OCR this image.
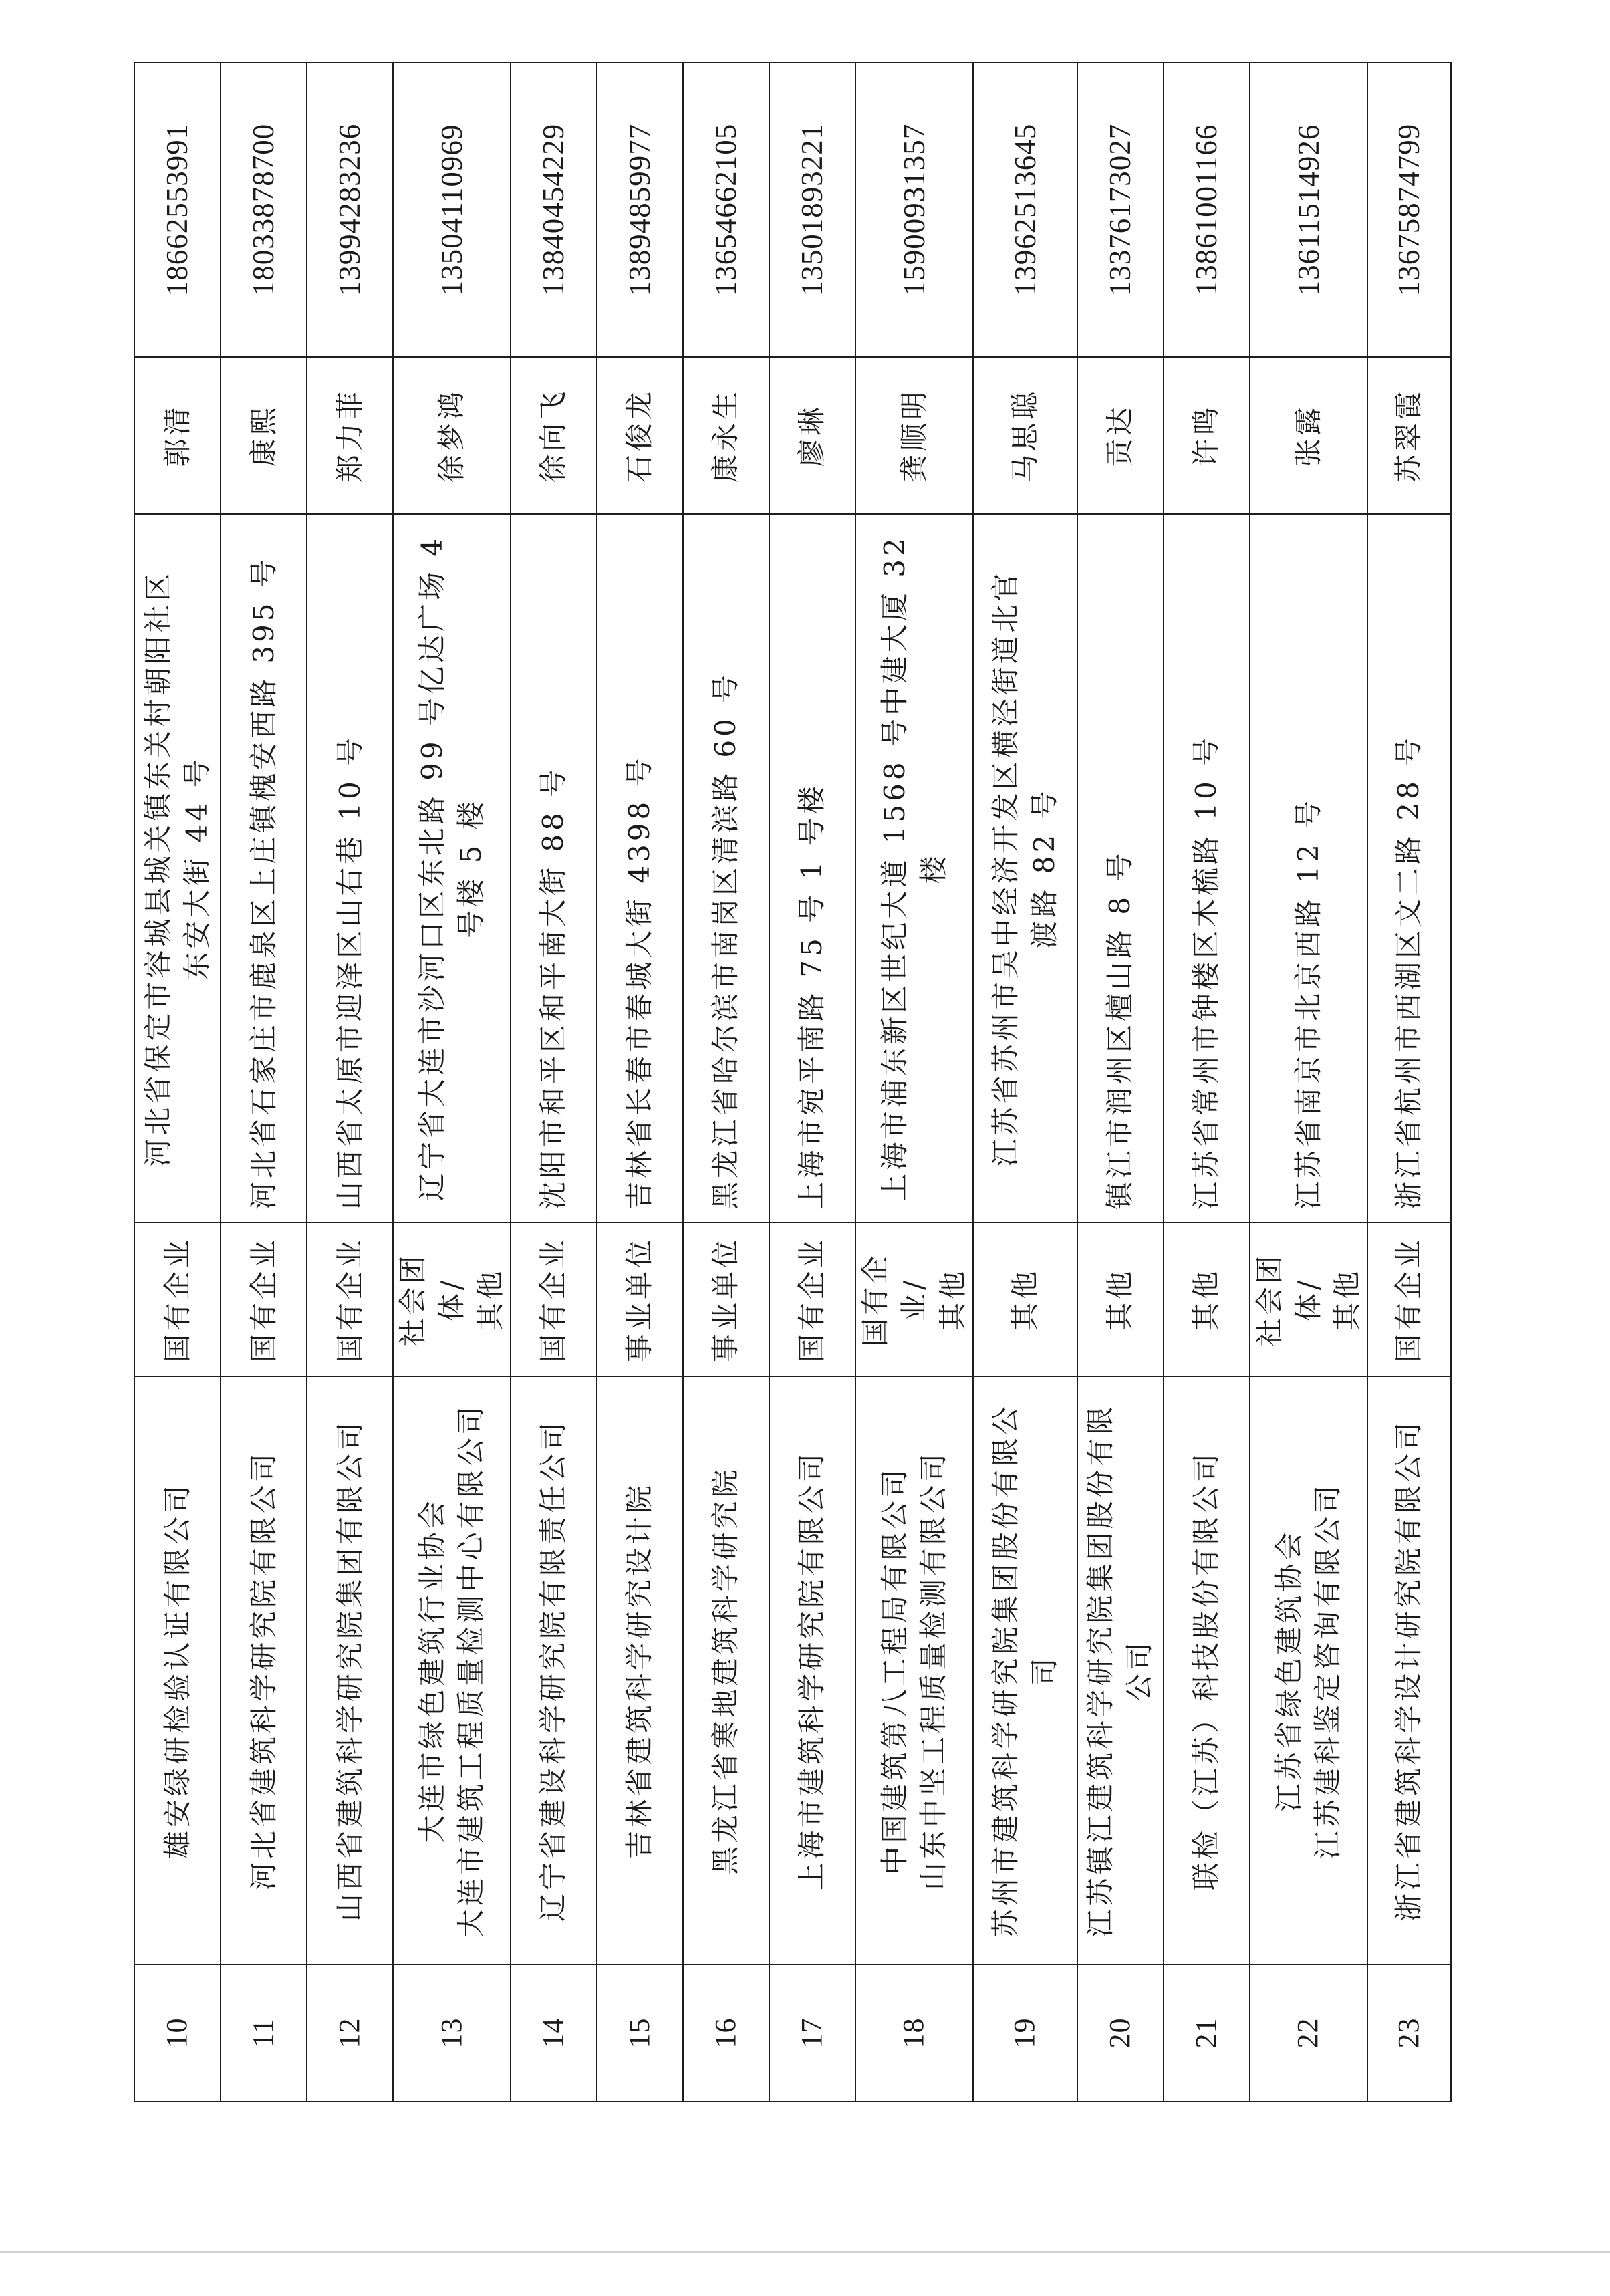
10	雄安绿研检验认证有限公司	国有企业	河北省保定市容城县城关镇东关村朝阳社区 东安大街 44 号	郭清	18662553991
11	河北省建筑科学研究院有限公司	国有企业	河北省石家庄市鹿泉区上庄镇槐安西路 395 号	康熙	18033878700
12	山西省建筑科学研究院集团有限公司	国有企业	山西省太原市迎泽区山右巷 10 号	郑力菲	13994283236
13	大连市绿色建筑行业协会 大连市建筑工程质量检测中心有限公司	社会团体/ 其他	辽宁省大连市沙河口区东北路 99 号亿达广场 4 号楼 5 楼	徐梦鸿	13504110969
14	辽宁省建设科学研究院有限责任公司	国有企业	沈阳市和平区和平南大街 88 号	徐向飞	13840454229
15	吉林省建筑科学研究设计院	事业单位	吉林省长春市春城大街 4398 号	石俊龙	13894859977
16	黑龙江省寒地建筑科学研究院	事业单位	黑龙江省哈尔滨市南岗区清滨路 60 号	康永生	13654662105
17	上海市建筑科学研究院有限公司	国有企业	上海市宛平南路 75 号 1 号楼	廖琳	13501893221
18	中国建筑第八工程局有限公司 山东中坚工程质量检测有限公司	国有企业/ 其他	上海市浦东新区世纪大道 1568 号中建大厦 32 楼	龚顺明	15900931357
19	苏州市建筑科学研究院集团股份有限公司	其他	江苏省苏州市吴中经济开发区横泾街道北官 渡路 82 号	马思聪	13962513645
20	江苏镇江建筑科学研究院集团股份有限公司	其他	镇江市润州区檀山路 8 号	贡达	13376173027
21	联检（江苏）科技股份有限公司	其他	江苏省常州市钟楼区木梳路 10 号	许鸣	13861001166
22	江苏省绿色建筑协会 江苏建科鉴定咨询有限公司	社会团体/ 其他	江苏省南京市北京西路 12 号	张露	13611514926
23	浙江省建筑科学设计研究院有限公司	国有企业	浙江省杭州市西湖区文二路 28 号	苏翠霞	13675874799
